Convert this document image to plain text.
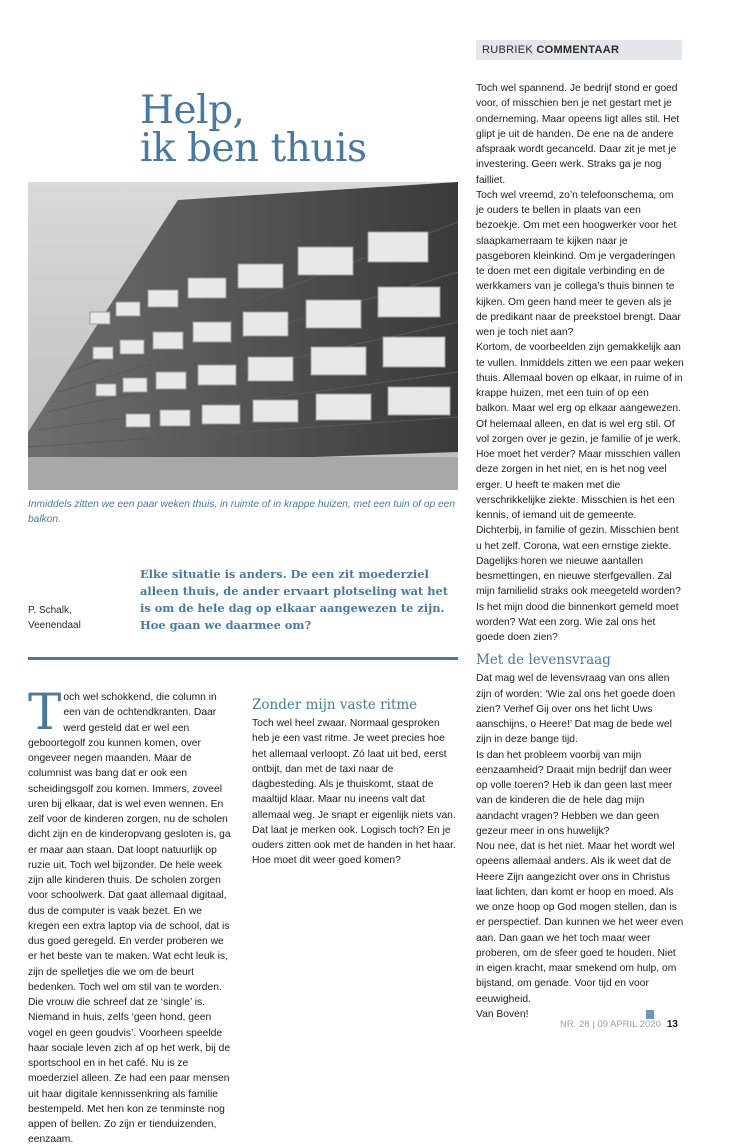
RUBRIEK COMMENTAAR
Help,
ik ben thuis
Inmiddels zitten we een paar weken thuis, in ruimte of in krappe huizen, met een tuin of op een balkon.
Elke situatie is anders. De een zit moederziel alleen thuis, de ander ervaart plotseling wat het is om de hele dag op elkaar aangewezen te zijn. Hoe gaan we daarmee om?
P. Schalk,
Veenendaal
T och wel schokkend, die column in een van de ochtendkranten. Daar werd gesteld dat er wel een geboortegolf zou kunnen komen, over ongeveer negen maanden. Maar de columnist was bang dat er ook een scheidingsgolf zou komen. Immers, zoveel uren bij elkaar, dat is wel even wennen. En zelf voor de kinderen zorgen, nu de scholen dicht zijn en de kinderopvang gesloten is, ga er maar aan staan. Dat loopt natuurlijk op ruzie uit. Toch wel bijzonder. De hele week zijn alle kinderen thuis. De scholen zorgen voor schoolwerk. Dat gaat allemaal digitaal, dus de computer is vaak bezet. En we kregen een extra laptop via de school, dat is dus goed geregeld. En verder proberen we er het beste van te maken. Wat echt leuk is, zijn de spelletjes die we om de beurt bedenken. Toch wel om stil van te worden. Die vrouw die schreef dat ze ‘single’ is. Niemand in huis, zelfs ‘geen hond, geen vogel en geen goudvis’. Voorheen speelde haar sociale leven zich af op het werk, bij de sportschool en in het café. Nu is ze moederziel alleen. Ze had een paar mensen uit haar digitale kennissenkring als familie bestempeld. Met hen kon ze tenminste nog appen of bellen. Zo zijn er tienduizenden, eenzaam.

Zonder mijn vaste ritme

Toch wel heel zwaar. Normaal gesproken heb je een vast ritme. Je weet precies hoe het allemaal verloopt. Zó laat uit bed, eerst ontbijt, dan met de taxi naar de dagbesteding. Als je thuiskomt, staat de maaltijd klaar. Maar nu ineens valt dat allemaal weg. Je snapt er eigenlijk niets van. Dat laat je merken ook. Logisch toch? En je ouders zitten ook met de handen in het haar. Hoe moet dit weer goed komen?

Toch wel spannend. Je bedrijf stond er goed voor, of misschien ben je net gestart met je onderneming. Maar opeens ligt alles stil. Het glipt je uit de handen. De ene na de andere afspraak wordt gecanceld. Daar zit je met je investering. Geen werk. Straks ga je nog failliet.

Toch wel vreemd, zo’n telefoonschema, om je ouders te bellen in plaats van een bezoekje. Om met een hoogwerker voor het slaapkamerraam te kijken naar je pasgeboren kleinkind. Om je vergaderingen te doen met een digitale verbinding en de werkkamers van je collega’s thuis binnen te kijken. Om geen hand meer te geven als je de predikant naar de preekstoel brengt. Daar wen je toch niet aan?

Kortom, de voorbeelden zijn gemakkelijk aan te vullen. Inmiddels zitten we een paar weken thuis. Allemaal boven op elkaar, in ruime of in krappe huizen, met een tuin of op een balkon. Maar wel erg op elkaar aangewezen. Of helemaal alleen, en dat is wel erg stil. Of vol zorgen over je gezin, je familie of je werk. Hoe moet het verder? Maar misschien vallen deze zorgen in het niet, en is het nog veel erger. U heeft te maken met die verschrikkelijke ziekte. Misschien is het een kennis, of iemand uit de gemeente. Dichterbij, in familie of gezin. Misschien bent u het zelf. Corona, wat een ernstige ziekte. Dagelijks horen we nieuwe aantallen besmettingen, en nieuwe sterfgevallen. Zal mijn familielid straks ook meegeteld worden? Is het mijn dood die binnenkort gemeld moet worden? Wat een zorg. Wie zal ons het goede doen zien?

Met de levensvraag

Dat mag wel de levensvraag van ons allen zijn of worden: ‘Wie zal ons het goede doen zien? Verhef Gij over ons het licht Uws aanschijns, o Heere!’ Dat mag de bede wel zijn in deze bange tijd.

Is dan het probleem voorbij van mijn eenzaamheid? Draait mijn bedrijf dan weer op volle toeren? Heb ik dan geen last meer van de kinderen die de hele dag mijn aandacht vragen? Hebben we dan geen gezeur meer in ons huwelijk?

Nou nee, dat is het niet. Maar het wordt wel opeens allemaal anders. Als ik weet dat de Heere Zijn aangezicht over ons in Christus laat lichten, dan komt er hoop en moed. Als we onze hoop op God mogen stellen, dan is er perspectief. Dan kunnen we het weer even aan. Dan gaan we het toch maar weer proberen, om de sfeer goed te houden. Niet in eigen kracht, maar smekend om hulp, om bijstand, om genade. Voor tijd en voor eeuwigheid.

Van Boven!

NR. 28 | 09 APRIL 2020 13
